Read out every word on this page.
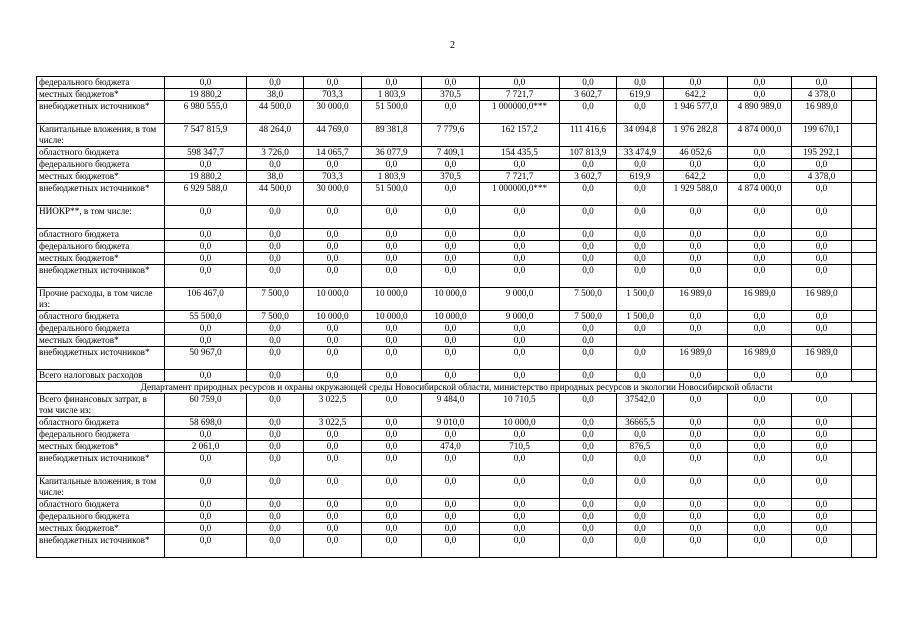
2
федерального бюджета	0,0	0,0	0,0	0,0	0,0	0,0	0,0	0,0	0,0	0,0	0,0	
местных бюджетов*	19 880,2	38,0	703,3	1 803,9	370,5	7 721,7	3 602,7	619,9	642,2	0,0	4 378,0	
внебюджетных источников*	6 980 555,0	44 500,0	30 000,0	51 500,0	0,0	1 000000,0***	0,0	0,0	1 946 577,0	4 890 989,0	16 989,0	
Капитальные вложения, в том числе:	7 547 815,9	48 264,0	44 769,0	89 381,8	7 779,6	162 157,2	111 416,6	34 094,8	1 976 282,8	4 874 000,0	199 670,1	
областного бюджета	598 347,7	3 726,0	14 065,7	36 077,9	7 409,1	154 435,5	107 813,9	33 474,9	46 052,6	0,0	195 292,1	
федерального бюджета	0,0	0,0	0,0	0,0	0,0	0,0	0,0	0,0	0,0	0,0	0,0	
местных бюджетов*	19 880,2	38,0	703,3	1 803,9	370,5	7 721,7	3 602,7	619,9	642,2	0,0	4 378,0	
внебюджетных источников*	6 929 588,0	44 500,0	30 000,0	51 500,0	0,0	1 000000,0***	0,0	0,0	1 929 588,0	4 874 000,0	0,0	
НИОКР**, в том числе:	0,0	0,0	0,0	0,0	0,0	0,0	0,0	0,0	0,0	0,0	0,0	
областного бюджета	0,0	0,0	0,0	0,0	0,0	0,0	0,0	0,0	0,0	0,0	0,0	
федерального бюджета	0,0	0,0	0,0	0,0	0,0	0,0	0,0	0,0	0,0	0,0	0,0	
местных бюджетов*	0,0	0,0	0,0	0,0	0,0	0,0	0,0	0,0	0,0	0,0	0,0	
внебюджетных источников*	0,0	0,0	0,0	0,0	0,0	0,0	0,0	0,0	0,0	0,0	0,0	
Прочие расходы, в том числе из:	106 467,0	7 500,0	10 000,0	10 000,0	10 000,0	9 000,0	7 500,0	1 500,0	16 989,0	16 989,0	16 989,0	
областного бюджета	55 500,0	7 500,0	10 000,0	10 000,0	10 000,0	9 000,0	7 500,0	1 500,0	0,0	0,0	0,0	
федерального бюджета	0,0	0,0	0,0	0,0	0,0	0,0	0,0	0,0	0,0	0,0	0,0	
местных бюджетов*	0,0	0,0	0,0	0,0	0,0	0,0	0,0					
внебюджетных источников*	50 967,0	0,0	0,0	0,0	0,0	0,0	0,0	0,0	16 989,0	16 989,0	16 989,0	
Всего налоговых расходов	0,0	0,0	0,0	0,0	0,0	0,0	0,0	0,0	0,0	0,0	0,0	
Департамент природных ресурсов и охраны окружающей среды Новосибирской области, министерство природных ресурсов и экологии Новосибирской области												
Всего финансовых затрат, в том числе из:	60 759,0	0,0	3 022,5	0,0	9 484,0	10 710,5	0,0	37542,0	0,0	0,0	0,0	
областного бюджета	58 698,0	0,0	3 022,5	0,0	9 010,0	10 000,0	0,0	36665,5	0,0	0,0	0,0	
федерального бюджета	0,0	0,0	0,0	0,0	0,0	0,0	0,0	0,0	0,0	0,0	0,0	
местных бюджетов*	2 061,0	0,0	0,0	0,0	474,0	710,5	0,0	876,5	0,0	0,0	0,0	
внебюджетных источников*	0,0	0,0	0,0	0,0	0,0	0,0	0,0	0,0	0,0	0,0	0,0	
Капитальные вложения, в том числе:	0,0	0,0	0,0	0,0	0,0	0,0	0,0	0,0	0,0	0,0	0,0	
областного бюджета	0,0	0,0	0,0	0,0	0,0	0,0	0,0	0,0	0,0	0,0	0,0	
федерального бюджета	0,0	0,0	0,0	0,0	0,0	0,0	0,0	0,0	0,0	0,0	0,0	
местных бюджетов*	0,0	0,0	0,0	0,0	0,0	0,0	0,0	0,0	0,0	0,0	0,0	
внебюджетных источников*	0,0	0,0	0,0	0,0	0,0	0,0	0,0	0,0	0,0	0,0	0,0	
